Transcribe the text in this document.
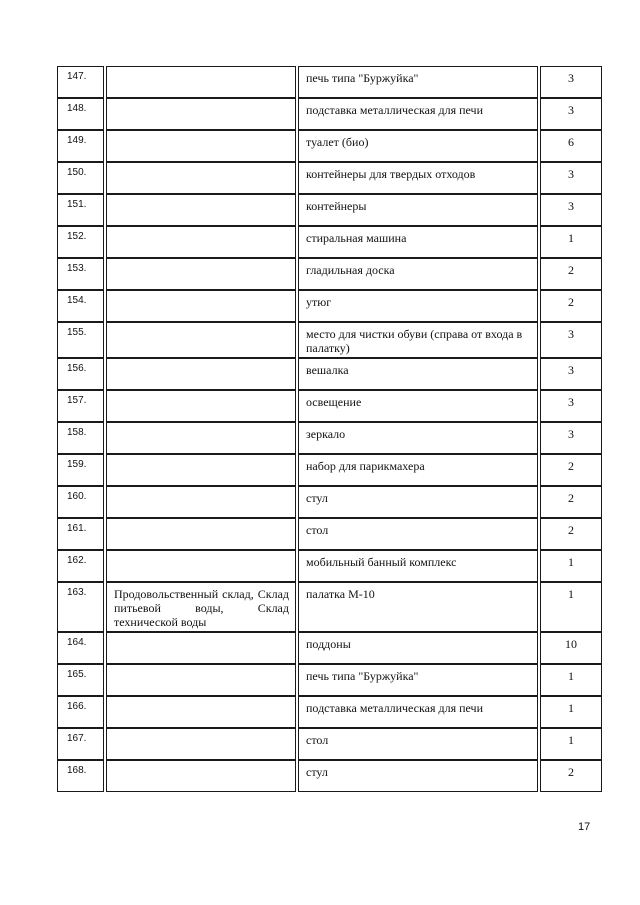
147.		печь типа "Буржуйка"	3

148.		подставка металлическая для печи	3

149.		туалет (био)	6

150.		контейнеры для твердых отходов	3

151.		контейнеры	3

152.		стиральная машина	1

153.		гладильная доска	2

154.		утюг	2

155.		место для чистки обуви (справа от входа в палатку)	3

156.		вешалка	3

157.		освещение	3

158.		зеркало	3

159.		набор для парикмахера	2

160.		стул	2

161.		стол	2

162.		мобильный банный комплекс	1

163.	Продовольственный склад, Склад питьевой воды, Склад технической воды	палатка М-10	1

164.		поддоны	10

165.		печь типа "Буржуйка"	1

166.		подставка металлическая для печи	1

167.		стол	1

168.		стул	2
17
